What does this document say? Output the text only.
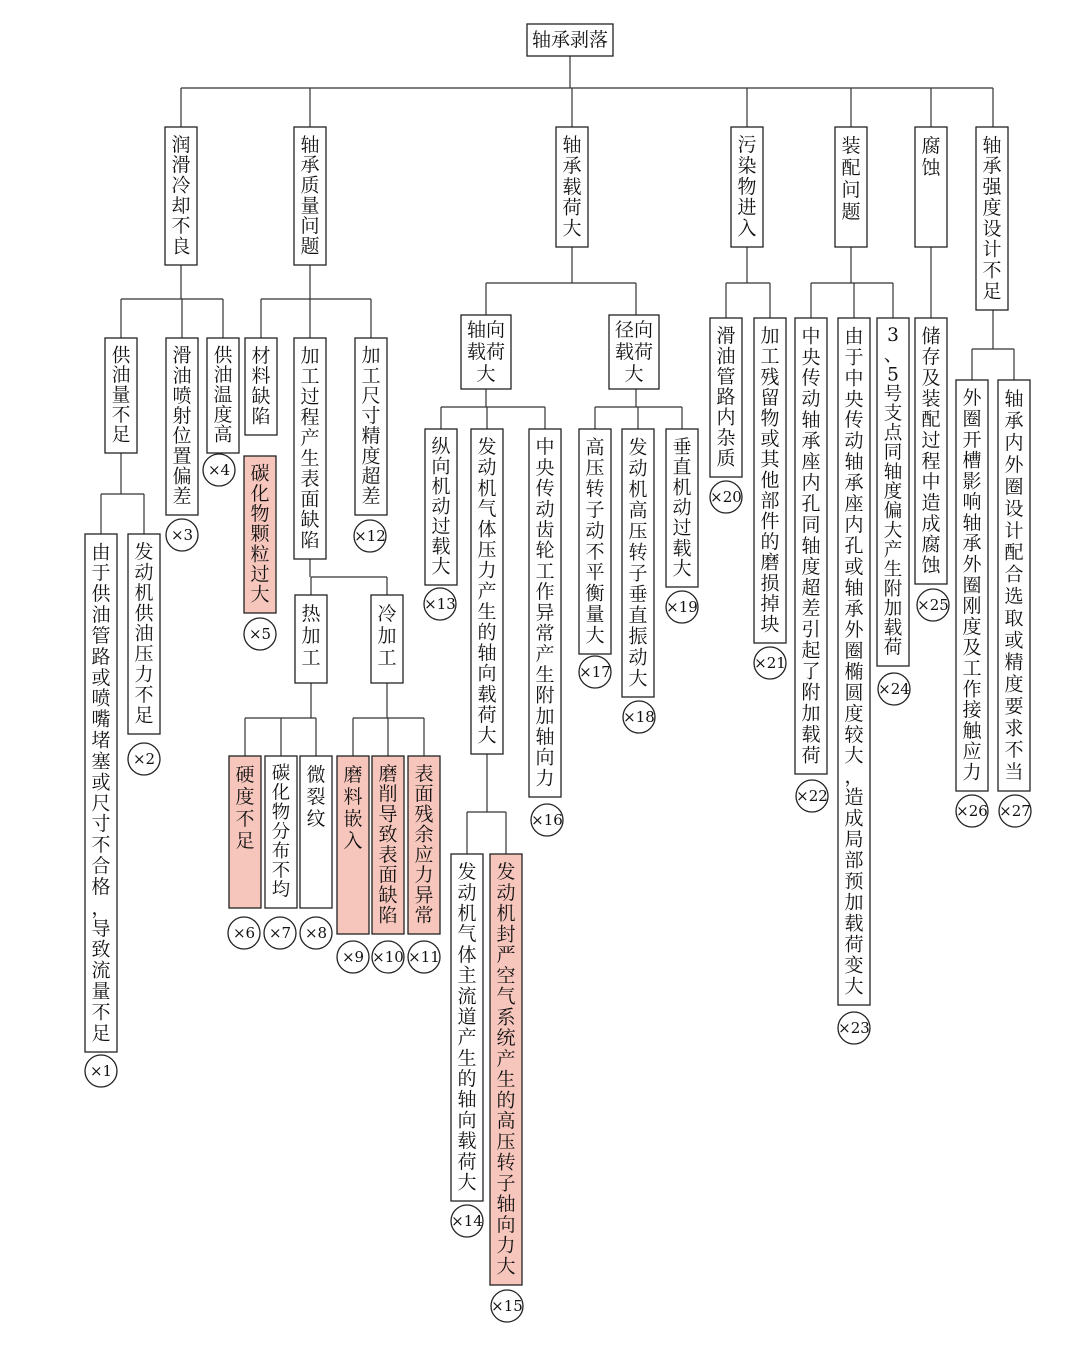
润滑冷却不良
轴承质量问题
轴承载荷大
污染物进入
装配问题
腐蚀
轴承强度设计不足
供油量不足
滑油喷射位置偏差
供油温度高
材料缺陷
加工过程产生表面缺陷
加工尺寸精度超差
碳化物颗粒过大
热加工
冷加工
硬度不足
碳化物分布不均
微裂纹
磨料嵌入
磨削导致表面缺陷
表面残余应力异常
由于供油管路或喷嘴堵塞或尺寸不合格，导致流量不足
发动机供油压力不足
纵向机动过载大
发动机气体压力产生的轴向载荷大
中央传动齿轮工作异常产生附加轴向力
高压转子动不平衡量大
发动机高压转子垂直振动大
垂直机动过载大
发动机气体主流道产生的轴向载荷大
发动机封严空气系统产生的高压转子轴向力大
滑油管路内杂质
加工残留物或其他部件的磨损掉块
中央传动轴承座内孔同轴度超差引起了附加载荷
由于中央传动轴承座内孔或轴承外圈椭圆度较大，造成局部预加载荷变大
3 、 5 号支点同轴度偏大产生附加载荷
储存及装配过程中造成腐蚀
外圈开槽影响轴承外圈刚度及工作接触应力
轴承内外圈设计配合选取或精度要求不当
轴承剥落
轴向载荷大
径向载荷大
×1
×2
×3
×4
×5
×6 ×7 ×8
×9 ×10 ×11
×12
×13
×14
×15
×16
×17
×18
×19
×20
×21
×22
×23
×24
×25
×26 ×27
